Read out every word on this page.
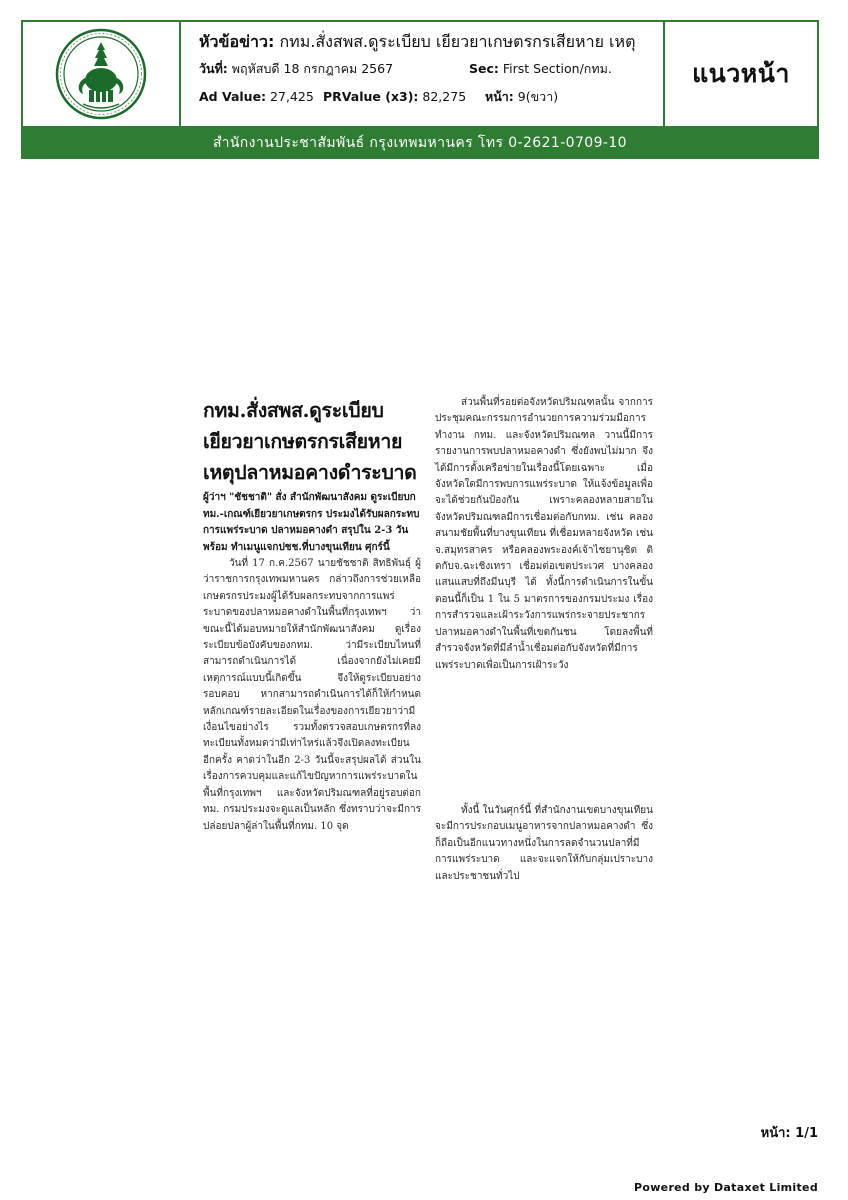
หัวข้อข่าว: กทม.สั่งสพส.ดูระเบียบ เยียวยาเกษตรกรเสียหาย เหตุ
วันที่: พฤหัสบดี 18 กรกฎาคม 2567	Sec: First Section/กทม.
Ad Value: 27,425 PRValue (x3): 82,275	หน้า: 9(ขวา)
แนวหน้า
สำนักงานประชาสัมพันธ์ กรุงเทพมหานคร โทร 0-2621-0709-10
กทม.สั่งสพส.ดูระเบียบ เยียวยาเกษตรกรเสียหาย เหตุปลาหมอคางดำระบาด
ผู้ว่าฯ "ชัชชาติ" สั่ง สำนักพัฒนาสังคม ดูระเบียบกทม.-เกณฑ์เยียวยาเกษตรกร ประมงได้รับผลกระทบการแพร่ระบาด ปลาหมอคางดำ สรุปใน 2-3 วัน พร้อม ทำเมนูแจกปชช.ที่บางขุนเทียน ศุกร์นี้
วันที่ 17 ก.ค.2567 นายชัชชาติ สิทธิพันธุ์ ผู้ว่าราชการกรุงเทพมหานคร กล่าวถึงการช่วยเหลือเกษตรกรประมงผู้ได้รับผลกระทบจากการแพร่ระบาดของปลาหมอคางดำในพื้นที่กรุงเทพฯ ว่า ขณะนี้ได้มอบหมายให้สำนักพัฒนาสังคม ดูเรื่องระเบียบข้อบังคับของกทม. ว่ามีระเบียบไหนที่สามารถดำเนินการได้ เนื่องจากยังไม่เคยมีเหตุการณ์แบบนี้เกิดขึ้น จึงให้ดูระเบียบอย่างรอบคอบ หากสามารถดำเนินการได้ก็ให้กำหนดหลักเกณฑ์รายละเอียดในเรื่องของการเยียวยาว่ามีเงื่อนไขอย่างไร รวมทั้งตรวจสอบเกษตรกรที่ลงทะเบียนทั้งหมดว่ามีเท่าไหร่แล้วจึงเปิดลงทะเบียนอีกครั้ง คาดว่าในอีก 2-3 วันนี้จะสรุปผลได้ ส่วนในเรื่องการควบคุมและแก้ไขปัญหาการแพร่ระบาดในพื้นที่กรุงเทพฯ และจังหวัดปริมณฑลที่อยู่รอบต่อกทม. กรมประมงจะดูแลเป็นหลัก ซึ่งทราบว่าจะมีการปล่อยปลาผู้ล่าในพื้นที่กทม. 10 จุด
ส่วนพื้นที่รอยต่อจังหวัดปริมณฑลนั้น จากการประชุมคณะกรรมการอำนวยการความร่วมมือการทำงาน กทม. และจังหวัดปริมณฑล วานนี้มีการรายงานการพบปลาหมอคางดำ ซึ่งยังพบไม่มาก จึงได้มีการตั้งเครือข่ายในเรื่องนี้โดยเฉพาะ เมื่อจังหวัดใดมีการพบการแพร่ระบาด ให้แจ้งข้อมูลเพื่อจะได้ช่วยกันป้องกัน เพราะคลองหลายสายในจังหวัดปริมณฑลมีการเชื่อมต่อกับกทม. เช่น คลองสนามชัยพื้นที่บางขุนเทียน ที่เชื่อมหลายจังหวัด เช่น จ.สมุทรสาคร หรือคลองพระองค์เจ้าไชยานุชิต ติดกับจ.ฉะเชิงเทรา เชื่อมต่อเขตประเวศ บางคลองแสนแสบที่ถึงมีนบุรี ได้ ทั้งนี้การดำเนินการในขั้นตอนนี้ก็เป็น 1 ใน 5 มาตรการของกรมประมง เรื่องการสำรวจและเฝ้าระวังการแพร่กระจายประชากรปลาหมอคางดำในพื้นที่เขตกันชน โดยลงพื้นที่สำรวจจังหวัดที่มีลำน้ำเชื่อมต่อกับจังหวัดที่มีการแพร่ระบาดเพื่อเป็นการเฝ้าระวัง
ทั้งนี้ ในวันศุกร์นี้ ที่สำนักงานเขตบางขุนเทียนจะมีการประกอบเมนูอาหารจากปลาหมอคางดำ ซึ่งก็ถือเป็นอีกแนวทางหนึ่งในการลดจำนวนปลาที่มีการแพร่ระบาด และจะแจกให้กับกลุ่มเปราะบางและประชาชนทั่วไป
หน้า: 1/1
Powered by Dataxet Limited
